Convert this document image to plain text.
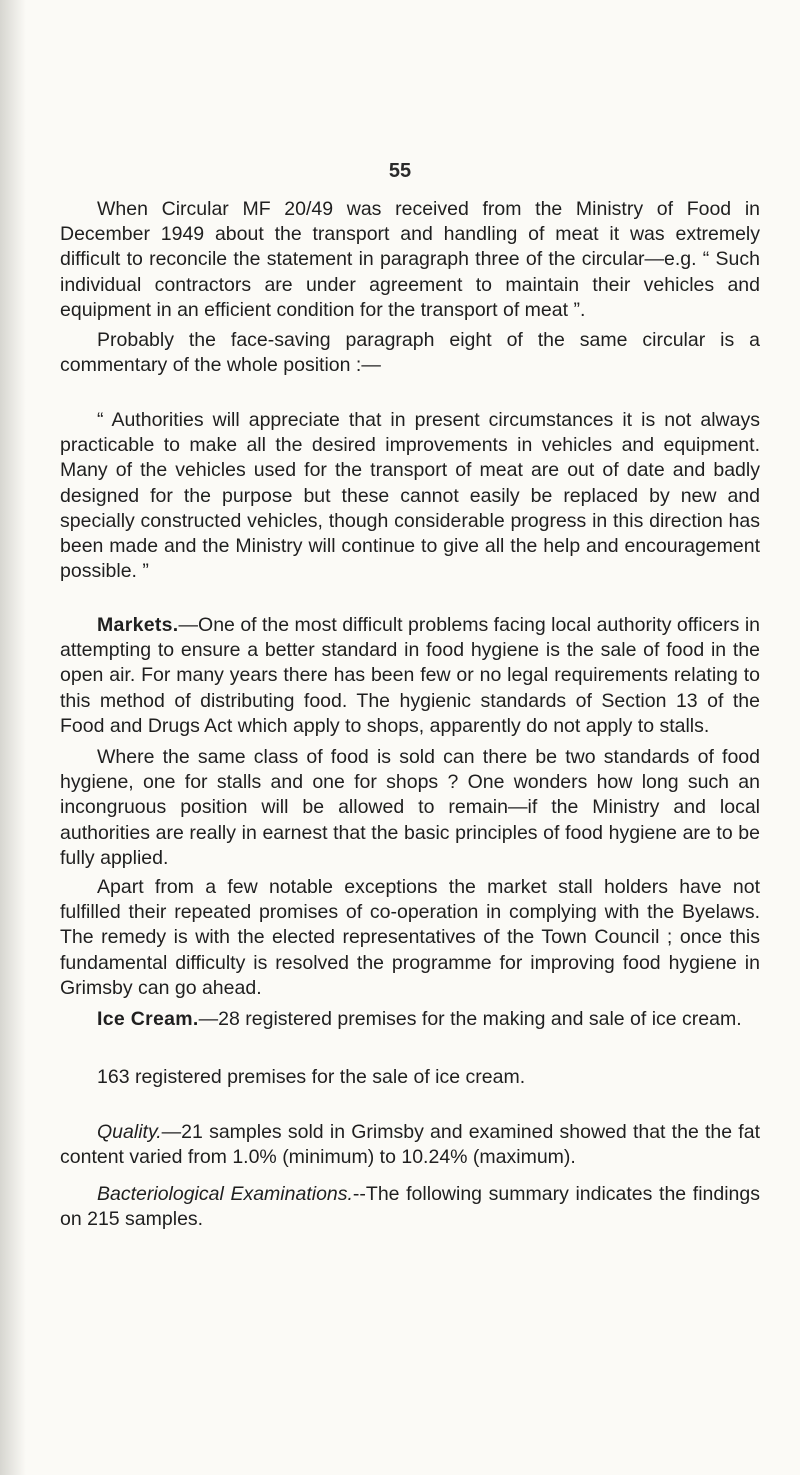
55

When Circular MF 20/49 was received from the Ministry of Food in December 1949 about the transport and handling of meat it was extremely difficult to reconcile the statement in paragraph three of the circular—e.g. “ Such individual contractors are under agreement to maintain their vehicles and equipment in an efficient condition for the transport of meat ”.

Probably the face-saving paragraph eight of the same circular is a commentary of the whole position :—

“ Authorities will appreciate that in present circumstances it is not always practicable to make all the desired improvements in vehicles and equipment. Many of the vehicles used for the transport of meat are out of date and badly designed for the purpose but these cannot easily be replaced by new and specially constructed vehicles, though considerable progress in this direction has been made and the Ministry will continue to give all the help and encouragement possible. ”

Markets.—One of the most difficult problems facing local authority officers in attempting to ensure a better standard in food hygiene is the sale of food in the open air. For many years there has been few or no legal requirements relating to this method of distributing food. The hygienic standards of Section 13 of the Food and Drugs Act which apply to shops, apparently do not apply to stalls.

Where the same class of food is sold can there be two standards of food hygiene, one for stalls and one for shops ? One wonders how long such an incongruous position will be allowed to remain—if the Ministry and local authorities are really in earnest that the basic principles of food hygiene are to be fully applied.

Apart from a few notable exceptions the market stall holders have not fulfilled their repeated promises of co-operation in complying with the Byelaws. The remedy is with the elected representatives of the Town Council ; once this fundamental difficulty is resolved the programme for improving food hygiene in Grimsby can go ahead.

Ice Cream.—28 registered premises for the making and sale of ice cream.

163 registered premises for the sale of ice cream.

Quality.—21 samples sold in Grimsby and examined showed that the the fat content varied from 1.0% (minimum) to 10.24% (maximum).

Bacteriological Examinations.--The following summary indicates the findings on 215 samples.
